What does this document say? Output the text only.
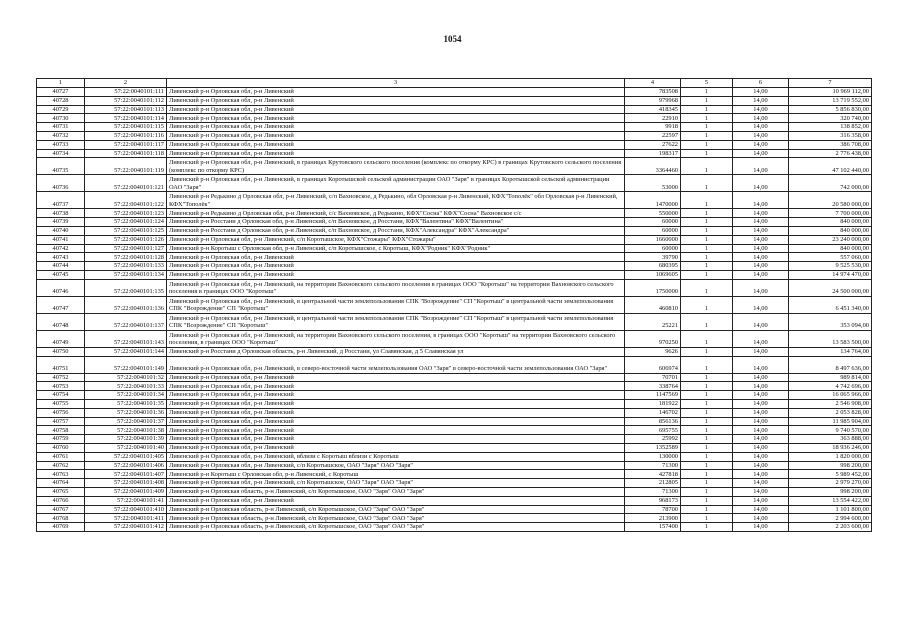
1054
1	2	3	4	5	6	7
40727	57:22:0040101:111	Ливенский р-н Орловская обл, р-н Ливенский	783508	1	14,00	10 969 112,00
40728	57:22:0040101:112	Ливенский р-н Орловская обл, р-н Ливенский	979968	1	14,00	13 719 552,00
40729	57:22:0040101:113	Ливенский р-н Орловская обл, р-н Ливенский	418345	1	14,00	5 856 830,00
40730	57:22:0040101:114	Ливенский р-н Орловская обл, р-н Ливенский	22910	1	14,00	320 740,00
40731	57:22:0040101:115	Ливенский р-н Орловская обл, р-н Ливенский	9918	1	14,00	138 852,00
40732	57:22:0040101:116	Ливенский р-н Орловская обл, р-н Ливенский	22597	1	14,00	316 358,00
40733	57:22:0040101:117	Ливенский р-н Орловская обл, р-н Ливенский	27622	1	14,00	386 708,00
40734	57:22:0040101:118	Ливенский р-н Орловская обл, р-н Ливенский	198317	1	14,00	2 776 438,00
40735	57:22:0040101:119	Ливенский р-н Орловская обл, р-н Ливенский, в границах Крутовского сельского поселения (комплекс по откорму КРС) в границах Крутовского сельского поселения (комплекс по откорму КРС)	3364460	1	14,00	47 102 440,00
40736	57:22:0040101:121	Ливенский р-н Орловская обл, р-н Ливенский, в границах Коротышской сельской администрации ОАО "Заря" в границах Коротышской сельской администрации ОАО "Заря"	53000	1	14,00	742 000,00
40737	57:22:0040101:122	Ливенский р-н Редькино д Орловская обл, р-н Ливенский, с/п Вахновское, д Редькино, обл Орловская р-н Ливенский, КФХ"Тополёк" обл Орловская р-н Ливенский, КФХ"Тополёк"	1470000	1	14,00	20 580 000,00
40738	57:22:0040101:123	Ливенский р-н Редькино д Орловская обл, р-н Ливенский, с/с Вахновское, д Редькино, КФХ"Сосна" КФХ"Сосна" Вахновское с/с	550000	1	14,00	7 700 000,00
40739	57:22:0040101:124	Ливенский р-н Росстани д Орловская обл, р-н Ливенский, с/п Вахновское, д Росстани, КФХ"Валентина" КФХ"Валентина"	60000	1	14,00	840 000,00
40740	57:22:0040101:125	Ливенский р-н Росстани д Орловская обл, р-н Ливенский, с/п Вахновское, д Росстани, КФХ"Александра" КФХ"Александра"	60000	1	14,00	840 000,00
40741	57:22:0040101:126	Ливенский р-н Орловская обл, р-н Ливенский, с/п Коротышское, КФХ"Стожары" КФХ"Стожары"	1660000	1	14,00	23 240 000,00
40742	57:22:0040101:127	Ливенский р-н Коротыш с Орловская обл, р-н Ливенский, с/п Коротышское, с Коротыш, КФХ"Родник" КФХ"Родник"	60000	1	14,00	840 000,00
40743	57:22:0040101:128	Ливенский р-н Орловская обл, р-н Ливенский	39790	1	14,00	557 060,00
40744	57:22:0040101:133	Ливенский р-н Орловская обл, р-н Ливенский	680395	1	14,00	9 525 530,00
40745	57:22:0040101:134	Ливенский р-н Орловская обл, р-н Ливенский	1069605	1	14,00	14 974 470,00
40746	57:22:0040101:135	Ливенский р-н Орловская обл, р-н Ливенский, на территории Вахновского сельского поселения в границах ООО "Коротыш" на территории Вахновского сельского поселения в границах ООО "Коротыш"	1750000	1	14,00	24 500 000,00
40747	57:22:0040101:136	Ливенский р-н Орловская обл, р-н Ливенский, в центральной части землепользования СПК "Возрождение" СП "Коротыш" в центральной части землепользования СПК "Возрождение" СП "Коротыш"	460810	1	14,00	6 451 340,00
40748	57:22:0040101:137	Ливенский р-н Орловская обл, р-н Ливенский, в центральной части землепользования СПК "Возрождение" СП "Коротыш" в центральной части землепользования СПК "Возрождение" СП "Коротыш"	25221	1	14,00	353 094,00
40749	57:22:0040101:143	Ливенский р-н Орловская обл, р-н Ливенский, на территории Вахновского сельского поселения, в границах ООО "Коротыш" на территории Вахновского сельского поселения, в границах ООО "Коротыш"	970250	1	14,00	13 583 500,00
40750	57:22:0040101:144	Ливенский р-н Росстани д Орловская область, р-н Ливенский, д Росстани, ул Славянская, д 5 Славянская ул	9626	1	14,00	134 764,00
40751	57:22:0040101:149	Ливенский р-н Орловская обл, р-н Ливенский, в северо-восточной части землепользования ОАО "Заря" в северо-восточной части землепользования ОАО "Заря"	606974	1	14,00	8 497 636,00
40752	57:22:0040101:32	Ливенский р-н Орловская обл, р-н Ливенский	70701	1	14,00	989 814,00
40753	57:22:0040101:33	Ливенский р-н Орловская обл, р-н Ливенский	338764	1	14,00	4 742 696,00
40754	57:22:0040101:34	Ливенский р-н Орловская обл, р-н Ливенский	1147569	1	14,00	16 065 966,00
40755	57:22:0040101:35	Ливенский р-н Орловская обл, р-н Ливенский	181922	1	14,00	2 546 908,00
40756	57:22:0040101:36	Ливенский р-н Орловская обл, р-н Ливенский	146702	1	14,00	2 053 828,00
40757	57:22:0040101:37	Ливенский р-н Орловская обл, р-н Ливенский	856136	1	14,00	11 985 904,00
40758	57:22:0040101:38	Ливенский р-н Орловская обл, р-н Ливенский	695755	1	14,00	9 740 570,00
40759	57:22:0040101:39	Ливенский р-н Орловская обл, р-н Ливенский	25992	1	14,00	363 888,00
40760	57:22:0040101:40	Ливенский р-н Орловская обл, р-н Ливенский	1352589	1	14,00	18 936 246,00
40761	57:22:0040101:405	Ливенский р-н Орловская обл, р-н Ливенский, вблизи с Коротыш вблизи с Коротыш	130000	1	14,00	1 820 000,00
40762	57:22:0040101:406	Ливенский р-н Орловская обл, р-н Ливенский, с/п Коротышское, ОАО "Заря" ОАО "Заря"	71300	1	14,00	998 200,00
40763	57:22:0040101:407	Ливенский р-н Коротыш с Орловская обл, р-н Ливенский, с Коротыш	427818	1	14,00	5 989 452,00
40764	57:22:0040101:408	Ливенский р-н Орловская обл, р-н Ливенский, с/п Коротышское, ОАО "Заря" ОАО "Заря"	212805	1	14,00	2 979 270,00
40765	57:22:0040101:409	Ливенский р-н Орловская область, р-н Ливенский, с/п Коротышское, ОАО "Заря" ОАО "Заря"	71300	1	14,00	998 200,00
40766	57:22:0040101:41	Ливенский р-н Орловская обл, р-н Ливенский	968173	1	14,00	13 554 422,00
40767	57:22:0040101:410	Ливенский р-н Орловская область, р-н Ливенский, с/п Коротышское, ОАО "Заря" ОАО "Заря"	78700	1	14,00	1 101 800,00
40768	57:22:0040101:411	Ливенский р-н Орловская область, р-н Ливенский, с/п Коротышское, ОАО "Заря" ОАО "Заря"	213900	1	14,00	2 994 600,00
40769	57:22:0040101:412	Ливенский р-н Орловская область, р-н Ливенский, с/п Коротышское, ОАО "Заря" ОАО "Заря"	157400	1	14,00	2 203 600,00
